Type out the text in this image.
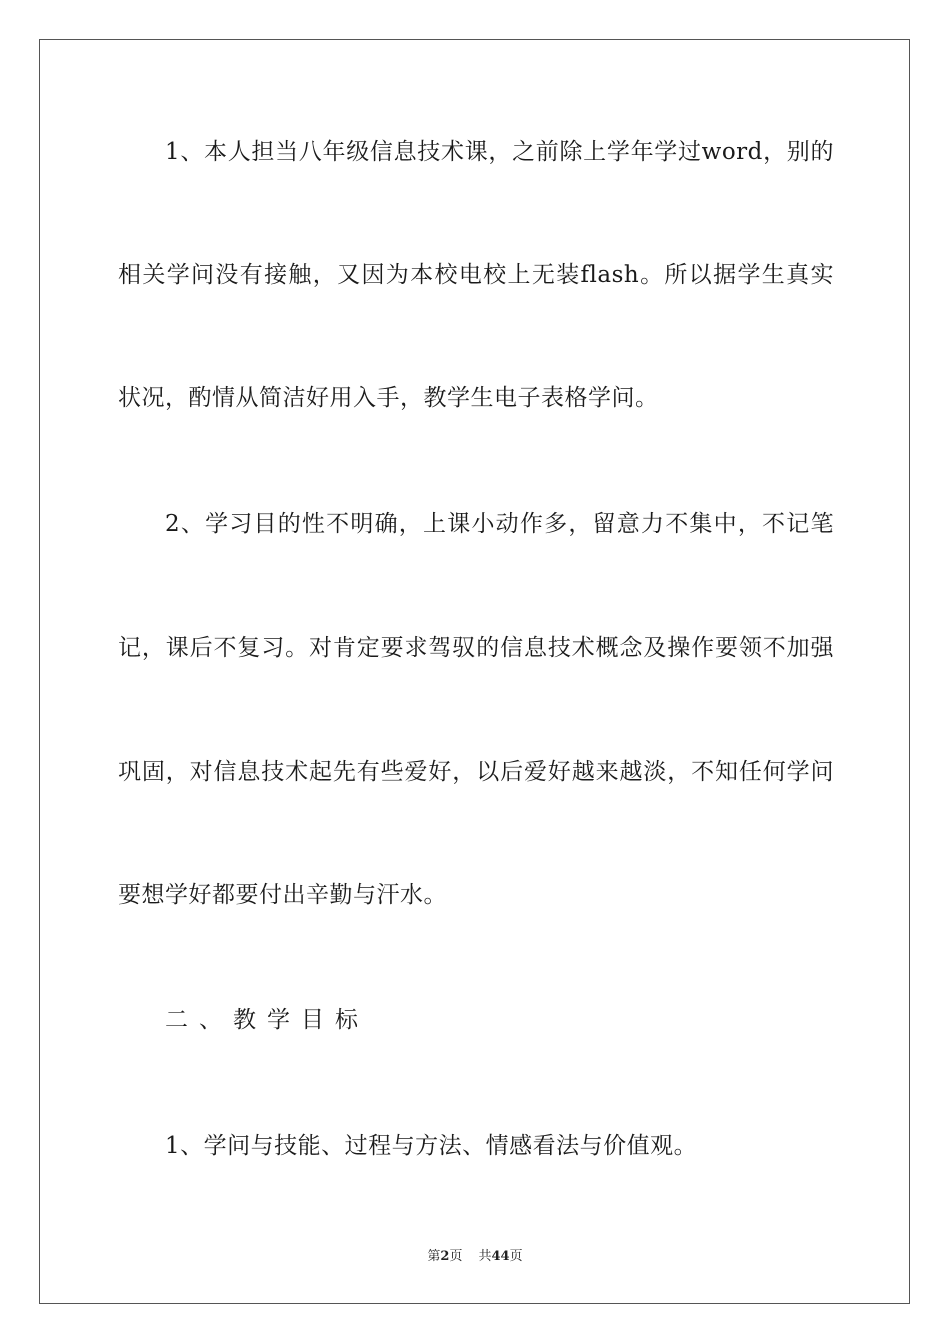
1、本人担当八年级信息技术课，之前除上学年学过word，别的
相关学问没有接触，又因为本校电校上无装flash。所以据学生真实
状况，酌情从简洁好用入手，教学生电子表格学问。
2、学习目的性不明确，上课小动作多，留意力不集中，不记笔
记，课后不复习。对肯定要求驾驭的信息技术概念及操作要领不加强
巩固，对信息技术起先有些爱好，以后爱好越来越淡，不知任何学问
要想学好都要付出辛勤与汗水。
二、教学目标
1、学问与技能、过程与方法、情感看法与价值观。
第2页 共44页
